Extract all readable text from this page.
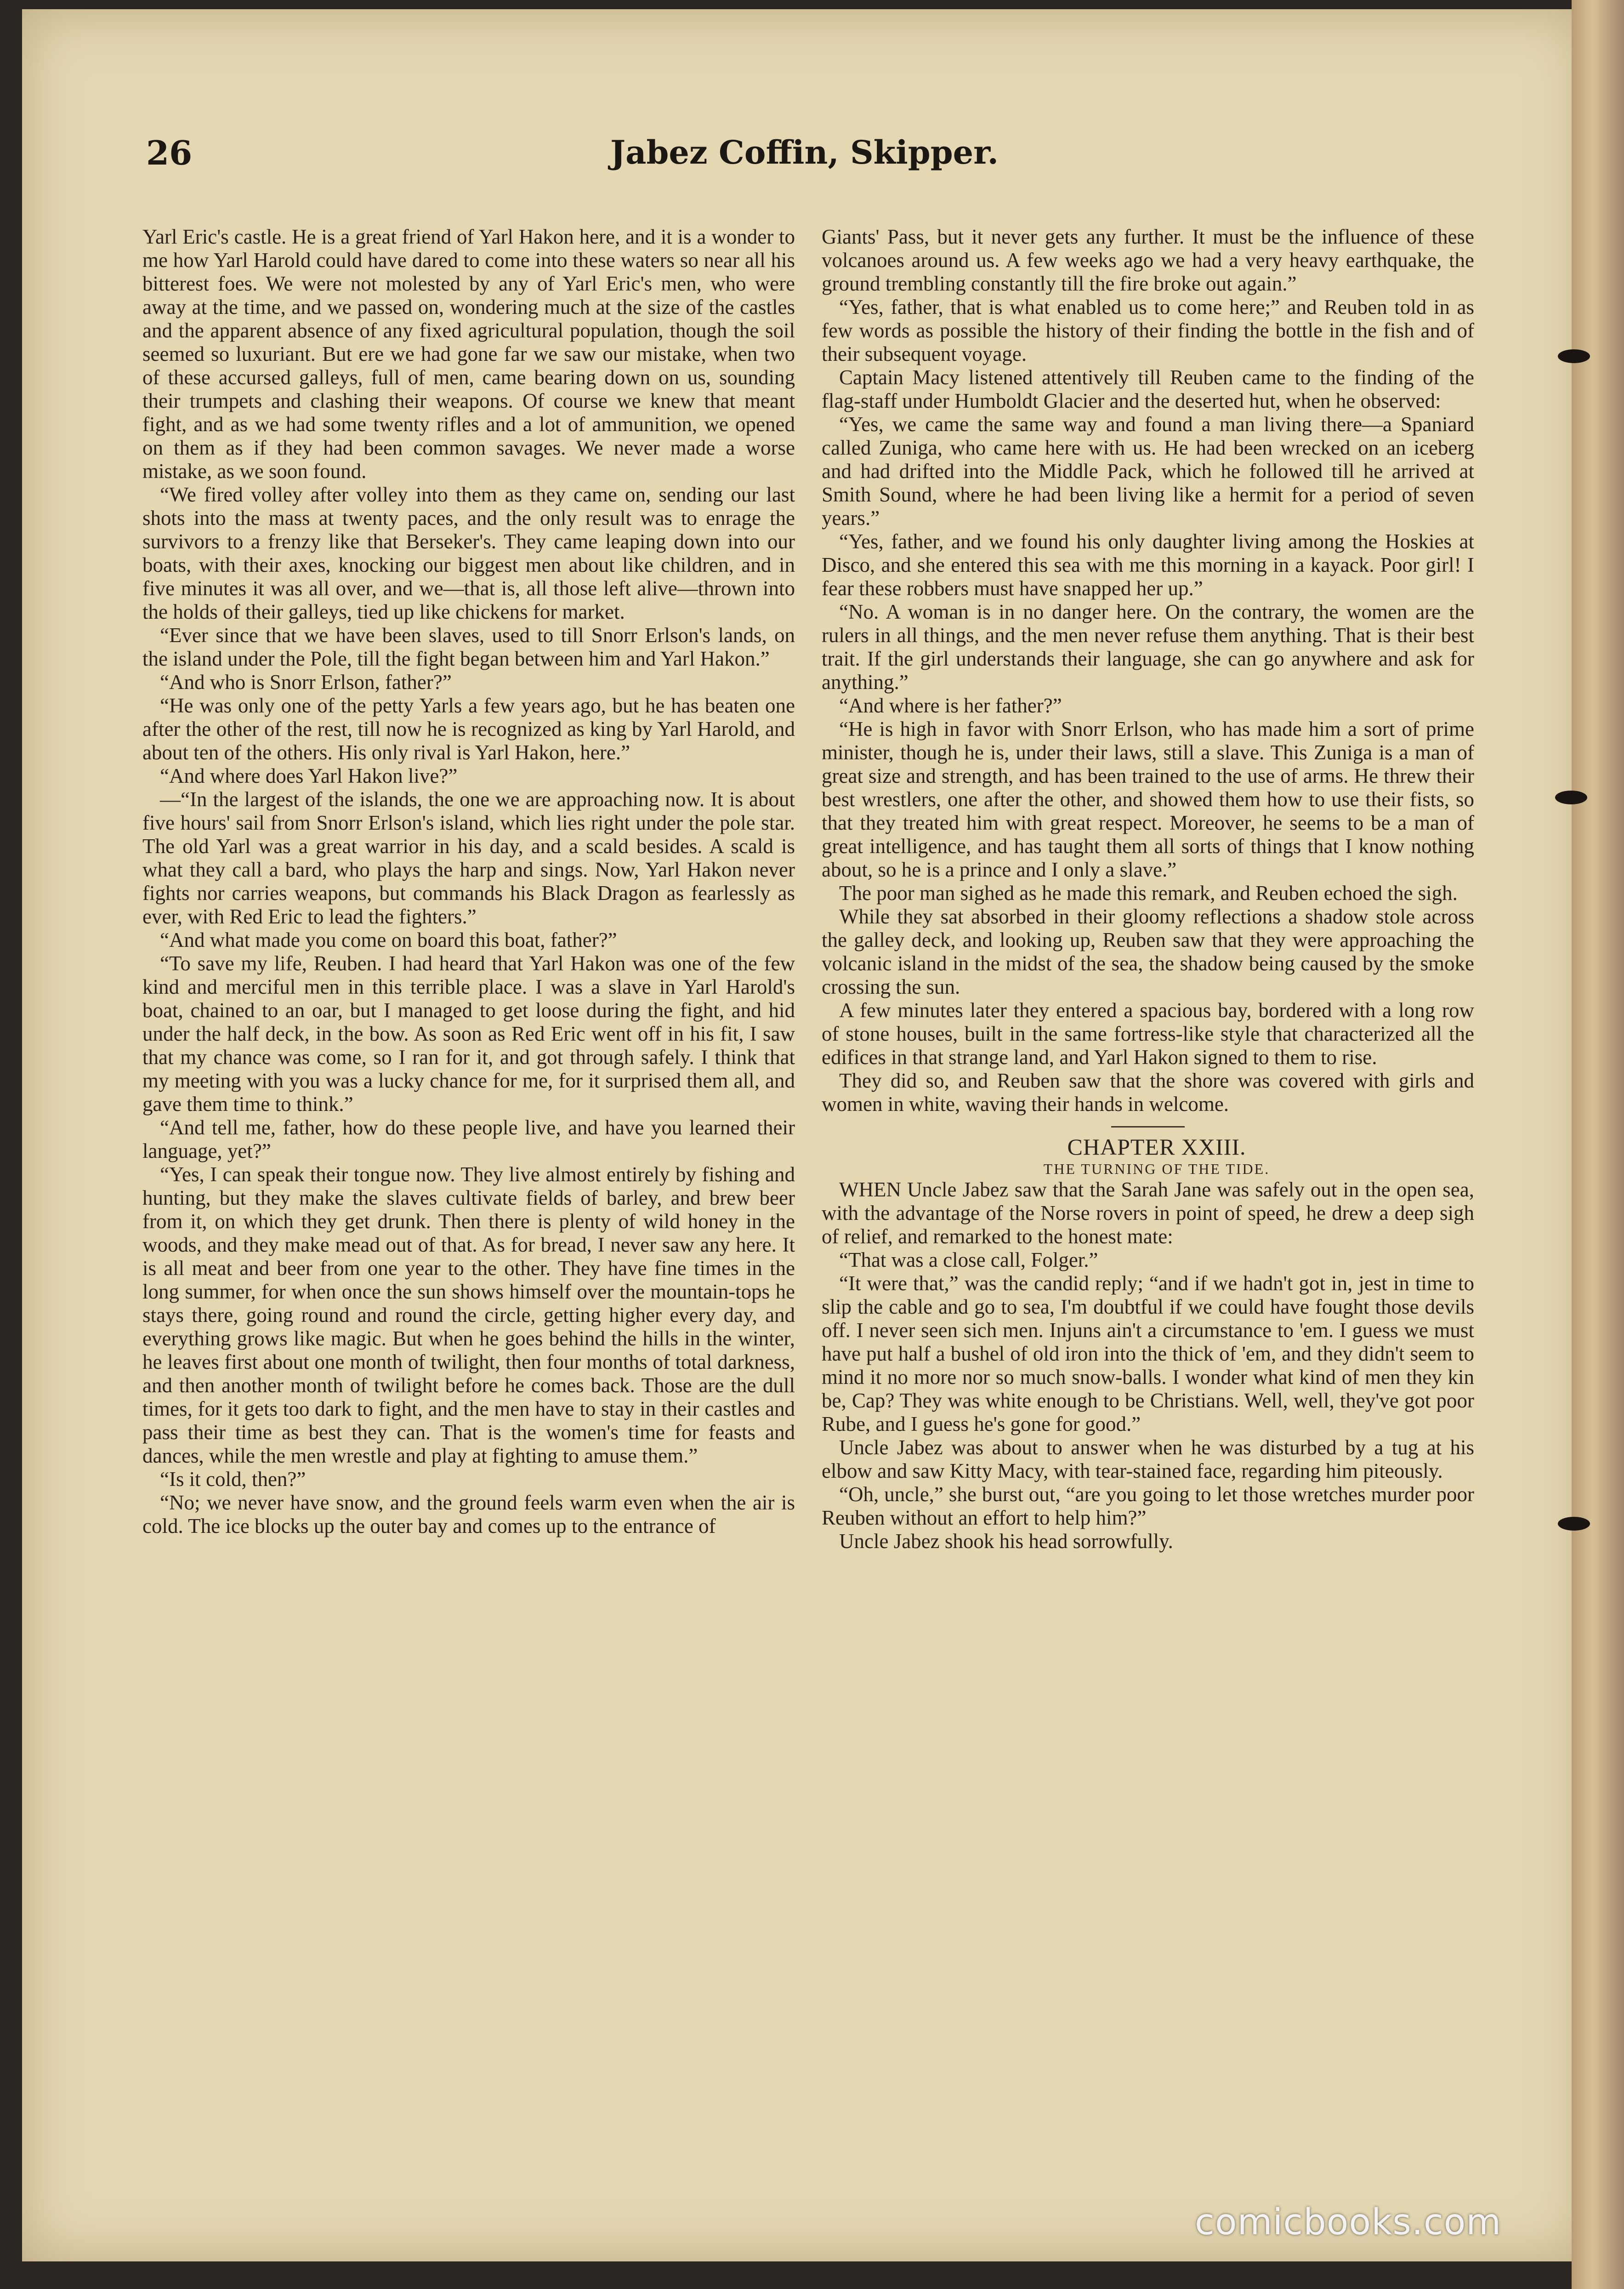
26	Jabez Coffin, Skipper.

Yarl Eric's castle. He is a great friend of Yarl Hakon here, and it is a wonder to me how Yarl Harold could have dared to come into these waters so near all his bitterest foes. We were not molested by any of Yarl Eric's men, who were away at the time, and we passed on, wondering much at the size of the castles and the apparent absence of any fixed agricultural population, though the soil seemed so luxuriant. But ere we had gone far we saw our mistake, when two of these accursed galleys, full of men, came bearing down on us, sounding their trumpets and clashing their weapons. Of course we knew that meant fight, and as we had some twenty rifles and a lot of ammunition, we opened on them as if they had been common savages. We never made a worse mistake, as we soon found.

“We fired volley after volley into them as they came on, sending our last shots into the mass at twenty paces, and the only result was to enrage the survivors to a frenzy like that Berseker's. They came leaping down into our boats, with their axes, knocking our biggest men about like children, and in five minutes it was all over, and we—that is, all those left alive—thrown into the holds of their galleys, tied up like chickens for market.

“Ever since that we have been slaves, used to till Snorr Erlson's lands, on the island under the Pole, till the fight began between him and Yarl Hakon.”

“And who is Snorr Erlson, father?”

“He was only one of the petty Yarls a few years ago, but he has beaten one after the other of the rest, till now he is recognized as king by Yarl Harold, and about ten of the others. His only rival is Yarl Hakon, here.”

“And where does Yarl Hakon live?”

—“In the largest of the islands, the one we are approaching now. It is about five hours' sail from Snorr Erlson's island, which lies right under the pole star. The old Yarl was a great warrior in his day, and a scald besides. A scald is what they call a bard, who plays the harp and sings. Now, Yarl Hakon never fights nor carries weapons, but commands his Black Dragon as fearlessly as ever, with Red Eric to lead the fighters.”

“And what made you come on board this boat, father?”

“To save my life, Reuben. I had heard that Yarl Hakon was one of the few kind and merciful men in this terrible place. I was a slave in Yarl Harold's boat, chained to an oar, but I managed to get loose during the fight, and hid under the half deck, in the bow. As soon as Red Eric went off in his fit, I saw that my chance was come, so I ran for it, and got through safely. I think that my meeting with you was a lucky chance for me, for it surprised them all, and gave them time to think.”

“And tell me, father, how do these people live, and have you learned their language, yet?”

“Yes, I can speak their tongue now. They live almost entirely by fishing and hunting, but they make the slaves cultivate fields of barley, and brew beer from it, on which they get drunk. Then there is plenty of wild honey in the woods, and they make mead out of that. As for bread, I never saw any here. It is all meat and beer from one year to the other. They have fine times in the long summer, for when once the sun shows himself over the mountain-tops he stays there, going round and round the circle, getting higher every day, and everything grows like magic. But when he goes behind the hills in the winter, he leaves first about one month of twilight, then four months of total darkness, and then another month of twilight before he comes back. Those are the dull times, for it gets too dark to fight, and the men have to stay in their castles and pass their time as best they can. That is the women's time for feasts and dances, while the men wrestle and play at fighting to amuse them.”

“Is it cold, then?”

“No; we never have snow, and the ground feels warm even when the air is cold. The ice blocks up the outer bay and comes up to the entrance of

Giants' Pass, but it never gets any further. It must be the influence of these volcanoes around us. A few weeks ago we had a very heavy earthquake, the ground trembling constantly till the fire broke out again.”

“Yes, father, that is what enabled us to come here;” and Reuben told in as few words as possible the history of their finding the bottle in the fish and of their subsequent voyage.

Captain Macy listened attentively till Reuben came to the finding of the flag-staff under Humboldt Glacier and the deserted hut, when he observed:

“Yes, we came the same way and found a man living there—a Spaniard called Zuniga, who came here with us. He had been wrecked on an iceberg and had drifted into the Middle Pack, which he followed till he arrived at Smith Sound, where he had been living like a hermit for a period of seven years.”

“Yes, father, and we found his only daughter living among the Hoskies at Disco, and she entered this sea with me this morning in a kayack. Poor girl! I fear these robbers must have snapped her up.”

“No. A woman is in no danger here. On the contrary, the women are the rulers in all things, and the men never refuse them anything. That is their best trait. If the girl understands their language, she can go anywhere and ask for anything.”

“And where is her father?”

“He is high in favor with Snorr Erlson, who has made him a sort of prime minister, though he is, under their laws, still a slave. This Zuniga is a man of great size and strength, and has been trained to the use of arms. He threw their best wrestlers, one after the other, and showed them how to use their fists, so that they treated him with great respect. Moreover, he seems to be a man of great intelligence, and has taught them all sorts of things that I know nothing about, so he is a prince and I only a slave.”

The poor man sighed as he made this remark, and Reuben echoed the sigh.

While they sat absorbed in their gloomy reflections a shadow stole across the galley deck, and looking up, Reuben saw that they were approaching the volcanic island in the midst of the sea, the shadow being caused by the smoke crossing the sun.

A few minutes later they entered a spacious bay, bordered with a long row of stone houses, built in the same fortress-like style that characterized all the edifices in that strange land, and Yarl Hakon signed to them to rise.

They did so, and Reuben saw that the shore was covered with girls and women in white, waving their hands in welcome.

CHAPTER XXIII.

THE TURNING OF THE TIDE.

WHEN Uncle Jabez saw that the Sarah Jane was safely out in the open sea, with the advantage of the Norse rovers in point of speed, he drew a deep sigh of relief, and remarked to the honest mate:

“That was a close call, Folger.”

“It were that,” was the candid reply; “and if we hadn't got in, jest in time to slip the cable and go to sea, I'm doubtful if we could have fought those devils off. I never seen sich men. Injuns ain't a circumstance to 'em. I guess we must have put half a bushel of old iron into the thick of 'em, and they didn't seem to mind it no more nor so much snow-balls. I wonder what kind of men they kin be, Cap? They was white enough to be Christians. Well, well, they've got poor Rube, and I guess he's gone for good.”

Uncle Jabez was about to answer when he was disturbed by a tug at his elbow and saw Kitty Macy, with tear-stained face, regarding him piteously.

“Oh, uncle,” she burst out, “are you going to let those wretches murder poor Reuben without an effort to help him?”

Uncle Jabez shook his head sorrowfully.

comicbooks.com
